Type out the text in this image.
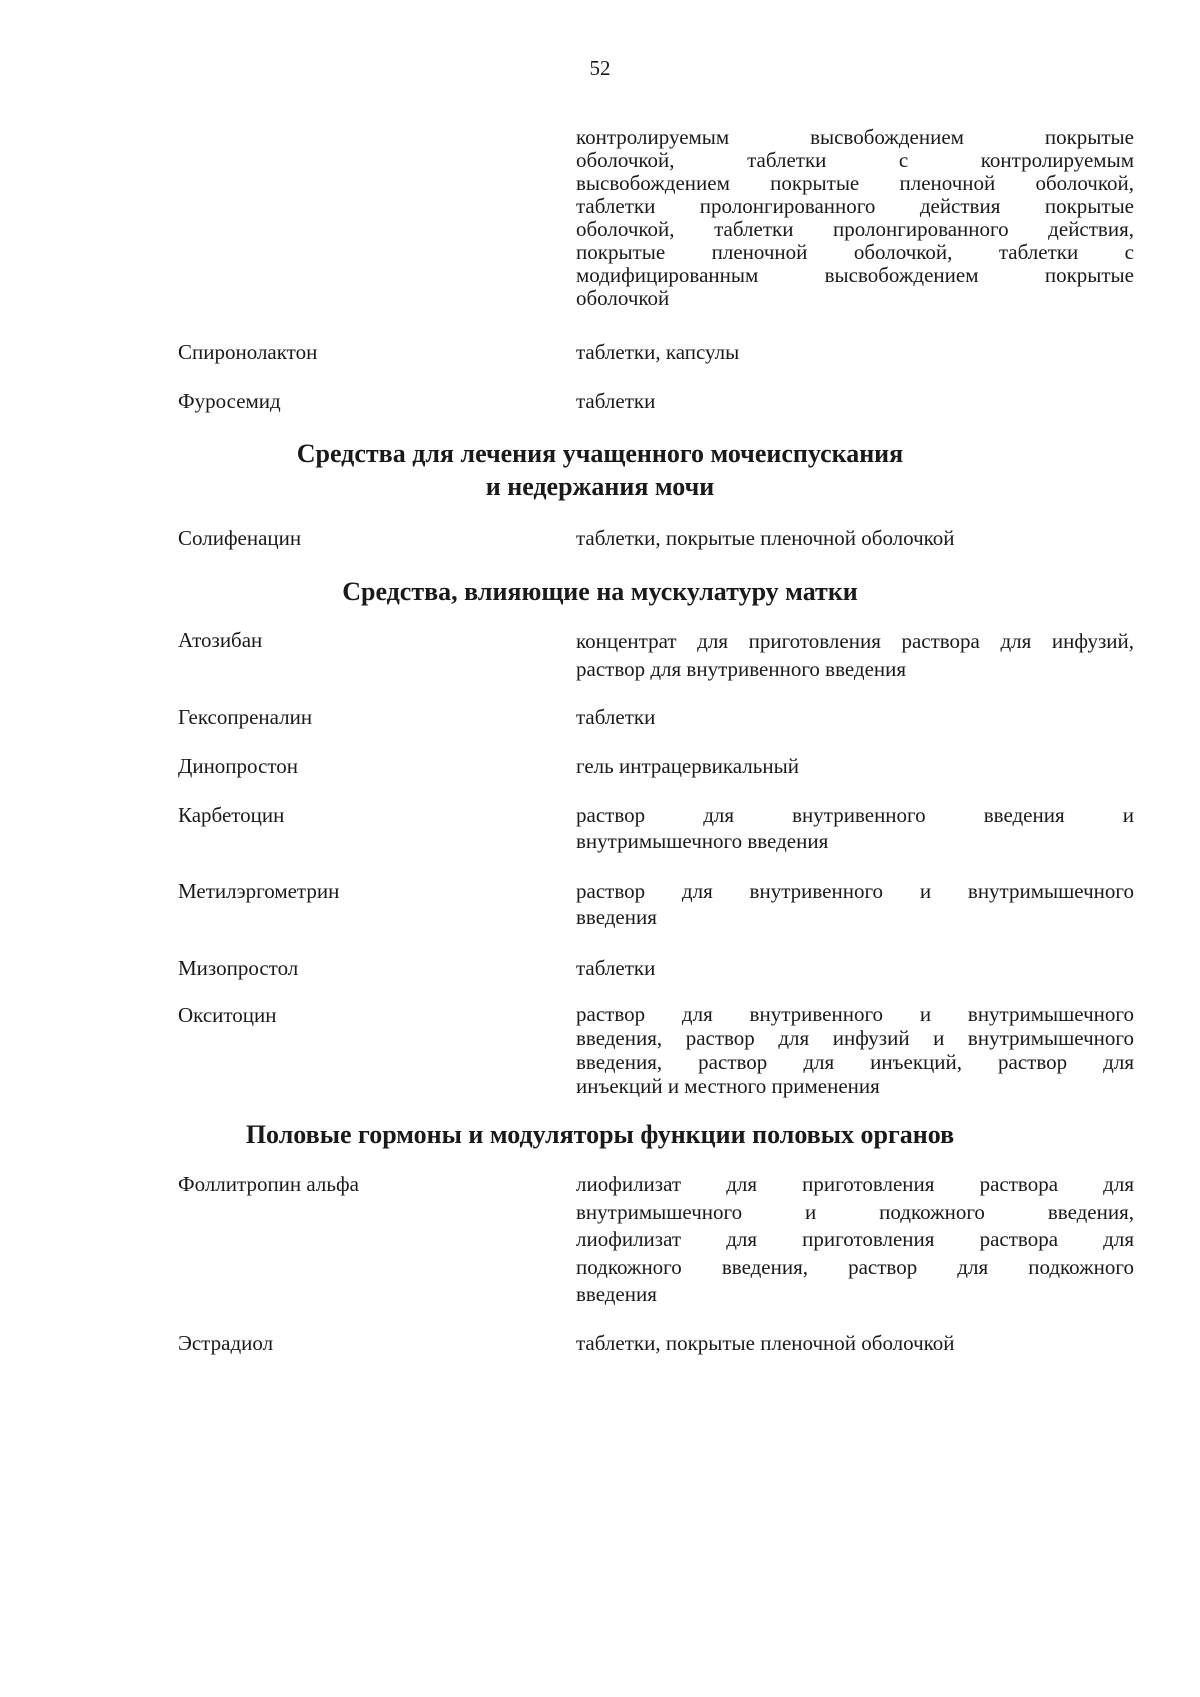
52
контролируемым высвобождением покрытые
оболочкой, таблетки с контролируемым
высвобождением покрытые пленочной оболочкой,
таблетки пролонгированного действия покрытые
оболочкой, таблетки пролонгированного действия,
покрытые пленочной оболочкой, таблетки с
модифицированным высвобождением покрытые
оболочкой
Спиронолактон	таблетки, капсулы
Фуросемид	таблетки
Средства для лечения учащенного мочеиспускания
и недержания мочи
Солифенацин	таблетки, покрытые пленочной оболочкой
Средства, влияющие на мускулатуру матки
Атозибан	концентрат для приготовления раствора для инфузий,
раствор для внутривенного введения
Гексопреналин	таблетки
Динопростон	гель интрацервикальный
Карбетоцин	раствор для внутривенного введения и
внутримышечного введения
Метилэргометрин	раствор для внутривенного и внутримышечного
введения
Мизопростол	таблетки
Окситоцин	раствор для внутривенного и внутримышечного
введения, раствор для инфузий и внутримышечного
введения, раствор для инъекций, раствор для
инъекций и местного применения
Половые гормоны и модуляторы функции половых органов
Фоллитропин альфа	лиофилизат для приготовления раствора для
внутримышечного и подкожного введения,
лиофилизат для приготовления раствора для
подкожного введения, раствор для подкожного
введения
Эстрадиол	таблетки, покрытые пленочной оболочкой
